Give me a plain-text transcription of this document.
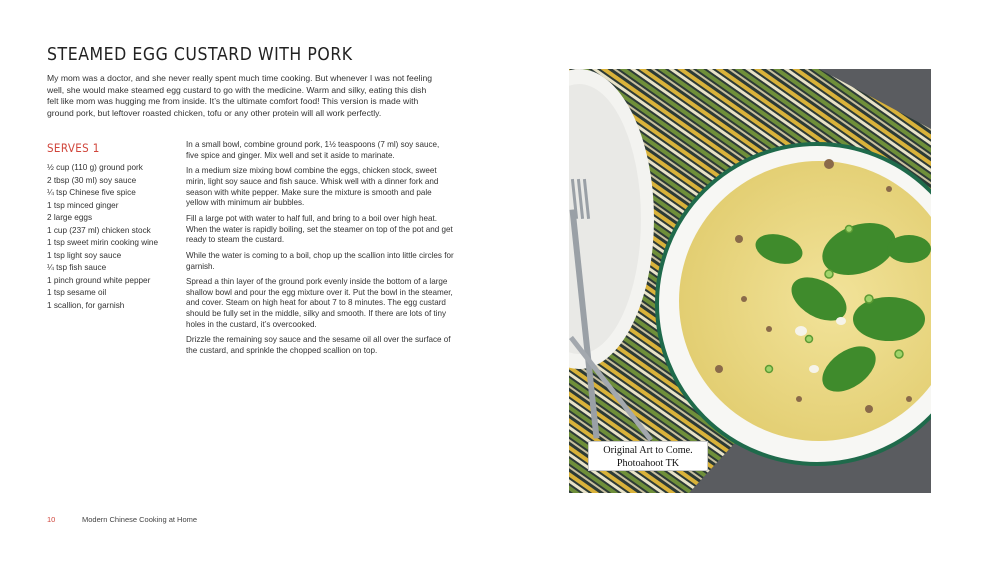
STEAMED EGG CUSTARD WITH PORK
My mom was a doctor, and she never really spent much time cooking. But whenever I was not feeling well, she would make steamed egg custard to go with the medicine. Warm and silky, eating this dish felt like mom was hugging me from inside. It’s the ultimate comfort food! This version is made with ground pork, but leftover roasted chicken, tofu or any other protein will all work perfectly.
SERVES 1
½ cup (110 g) ground pork
2 tbsp (30 ml) soy sauce
¼ tsp Chinese five spice
1 tsp minced ginger
2 large eggs
1 cup (237 ml) chicken stock
1 tsp sweet mirin cooking wine
1 tsp light soy sauce
¼ tsp fish sauce
1 pinch ground white pepper
1 tsp sesame oil
1 scallion, for garnish

In a small bowl, combine ground pork, 1½ teaspoons (7 ml) soy sauce, five spice and ginger. Mix well and set it aside to marinate.

In a medium size mixing bowl combine the eggs, chicken stock, sweet mirin, light soy sauce and fish sauce. Whisk well with a dinner fork and season with white pepper. Make sure the mixture is smooth and pale yellow with minimum air bubbles.

Fill a large pot with water to half full, and bring to a boil over high heat. When the water is rapidly boiling, set the steamer on top of the pot and get ready to steam the custard.

While the water is coming to a boil, chop up the scallion into little circles for garnish.

Spread a thin layer of the ground pork evenly inside the bottom of a large shallow bowl and pour the egg mixture over it. Put the bowl in the steamer, and cover. Steam on high heat for about 7 to 8 minutes. The egg custard should be fully set in the middle, silky and smooth. If there are lots of tiny holes in the custard, it’s overcooked.

Drizzle the remaining soy sauce and the sesame oil all over the surface of the custard, and sprinkle the chopped scallion on top.

Original Art to Come.
Photoahoot TK
10	Modern Chinese Cooking at Home
